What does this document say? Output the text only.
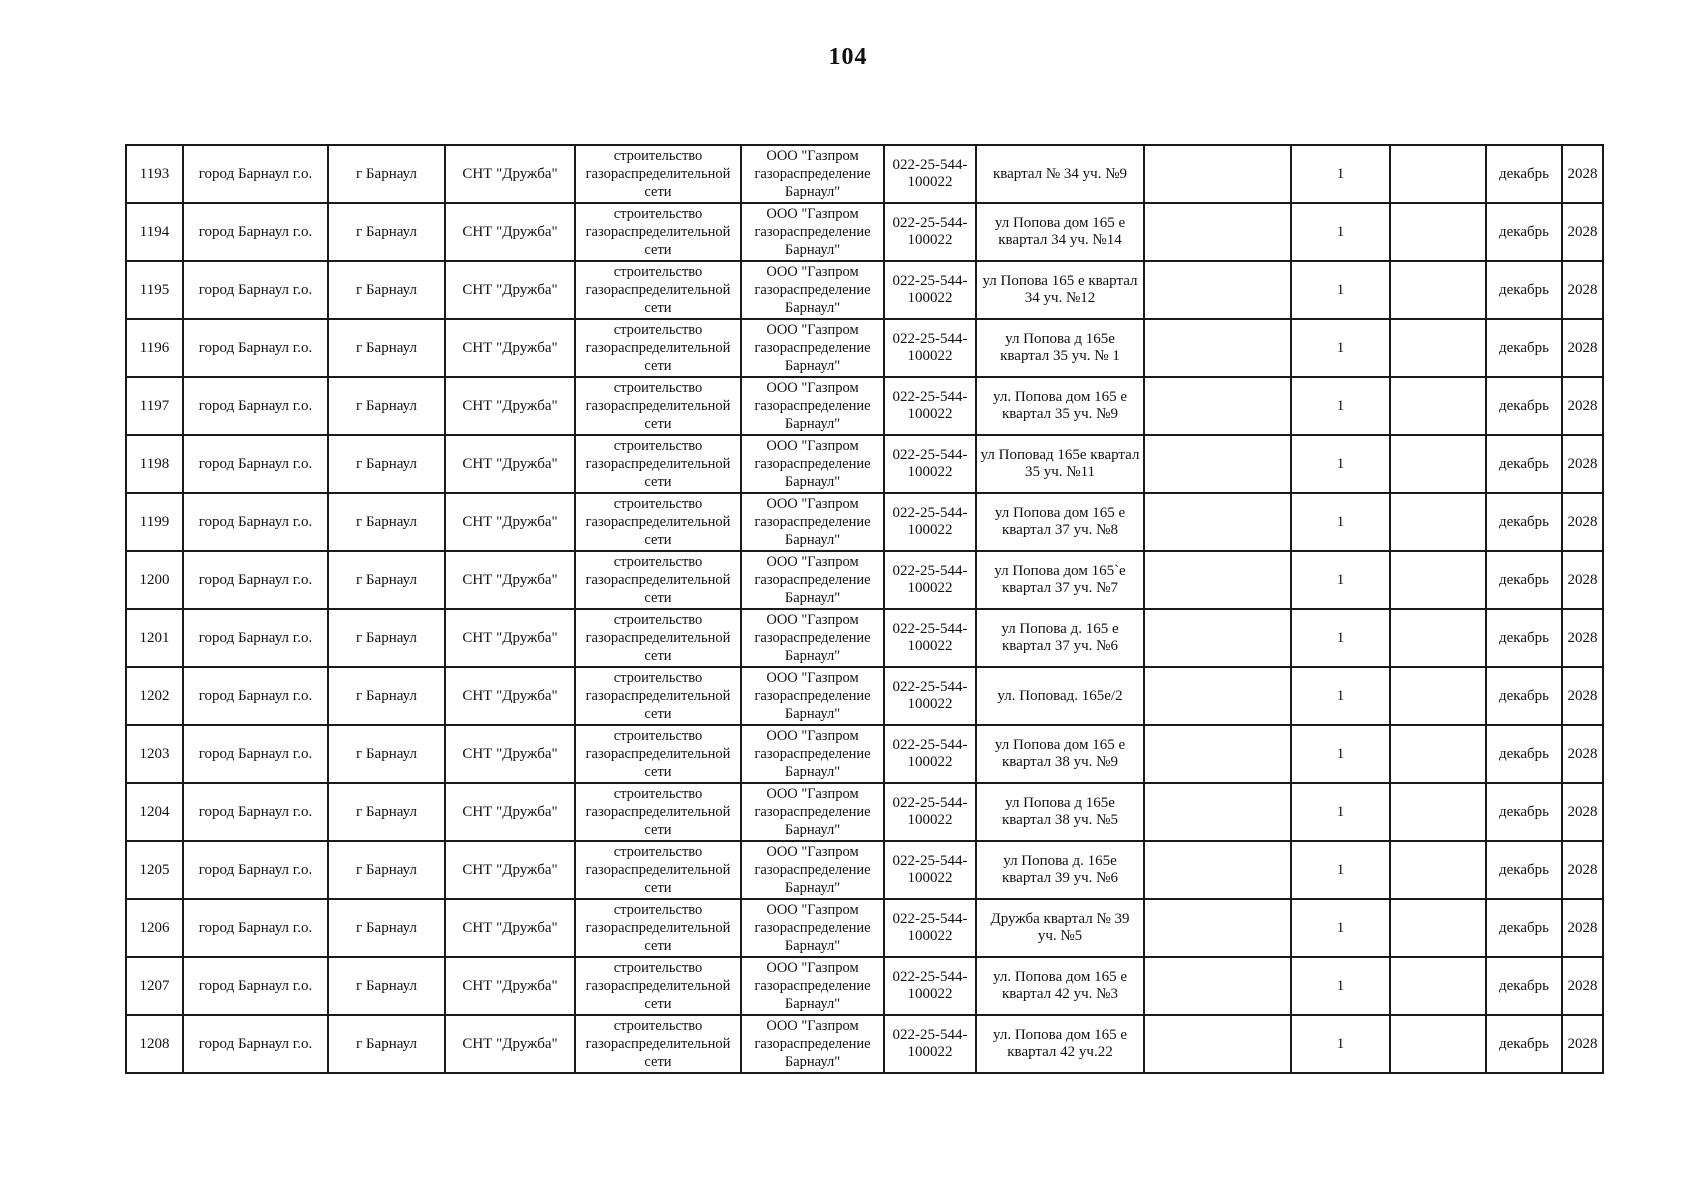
104
1193	город Барнаул г.о.	г Барнаул	СНТ "Дружба"	строительство газораспределительной сети	ООО "Газпром газораспределение Барнаул"	022-25-544-100022	квартал № 34 уч. №9		1		декабрь	2028
1194	город Барнаул г.о.	г Барнаул	СНТ "Дружба"	строительство газораспределительной сети	ООО "Газпром газораспределение Барнаул"	022-25-544-100022	ул Попова дом 165 е квартал 34 уч. №14		1		декабрь	2028
1195	город Барнаул г.о.	г Барнаул	СНТ "Дружба"	строительство газораспределительной сети	ООО "Газпром газораспределение Барнаул"	022-25-544-100022	ул Попова 165 е квартал 34 уч. №12		1		декабрь	2028
1196	город Барнаул г.о.	г Барнаул	СНТ "Дружба"	строительство газораспределительной сети	ООО "Газпром газораспределение Барнаул"	022-25-544-100022	ул Попова д 165е квартал 35 уч. № 1		1		декабрь	2028
1197	город Барнаул г.о.	г Барнаул	СНТ "Дружба"	строительство газораспределительной сети	ООО "Газпром газораспределение Барнаул"	022-25-544-100022	ул. Попова дом 165 е квартал 35 уч. №9		1		декабрь	2028
1198	город Барнаул г.о.	г Барнаул	СНТ "Дружба"	строительство газораспределительной сети	ООО "Газпром газораспределение Барнаул"	022-25-544-100022	ул Поповад 165е квартал 35 уч. №11		1		декабрь	2028
1199	город Барнаул г.о.	г Барнаул	СНТ "Дружба"	строительство газораспределительной сети	ООО "Газпром газораспределение Барнаул"	022-25-544-100022	ул Попова дом 165 е квартал 37 уч. №8		1		декабрь	2028
1200	город Барнаул г.о.	г Барнаул	СНТ "Дружба"	строительство газораспределительной сети	ООО "Газпром газораспределение Барнаул"	022-25-544-100022	ул Попова дом 165`е квартал 37 уч. №7		1		декабрь	2028
1201	город Барнаул г.о.	г Барнаул	СНТ "Дружба"	строительство газораспределительной сети	ООО "Газпром газораспределение Барнаул"	022-25-544-100022	ул Попова д. 165 е квартал 37 уч. №6		1		декабрь	2028
1202	город Барнаул г.о.	г Барнаул	СНТ "Дружба"	строительство газораспределительной сети	ООО "Газпром газораспределение Барнаул"	022-25-544-100022	ул. Поповад. 165е/2		1		декабрь	2028
1203	город Барнаул г.о.	г Барнаул	СНТ "Дружба"	строительство газораспределительной сети	ООО "Газпром газораспределение Барнаул"	022-25-544-100022	ул Попова дом 165 е квартал 38 уч. №9		1		декабрь	2028
1204	город Барнаул г.о.	г Барнаул	СНТ "Дружба"	строительство газораспределительной сети	ООО "Газпром газораспределение Барнаул"	022-25-544-100022	ул Попова д 165е квартал 38 уч. №5		1		декабрь	2028
1205	город Барнаул г.о.	г Барнаул	СНТ "Дружба"	строительство газораспределительной сети	ООО "Газпром газораспределение Барнаул"	022-25-544-100022	ул Попова д. 165е квартал 39 уч. №6		1		декабрь	2028
1206	город Барнаул г.о.	г Барнаул	СНТ "Дружба"	строительство газораспределительной сети	ООО "Газпром газораспределение Барнаул"	022-25-544-100022	Дружба квартал № 39 уч. №5		1		декабрь	2028
1207	город Барнаул г.о.	г Барнаул	СНТ "Дружба"	строительство газораспределительной сети	ООО "Газпром газораспределение Барнаул"	022-25-544-100022	ул. Попова дом 165 е квартал 42 уч. №3		1		декабрь	2028
1208	город Барнаул г.о.	г Барнаул	СНТ "Дружба"	строительство газораспределительной сети	ООО "Газпром газораспределение Барнаул"	022-25-544-100022	ул. Попова дом 165 е квартал 42 уч.22		1		декабрь	2028
